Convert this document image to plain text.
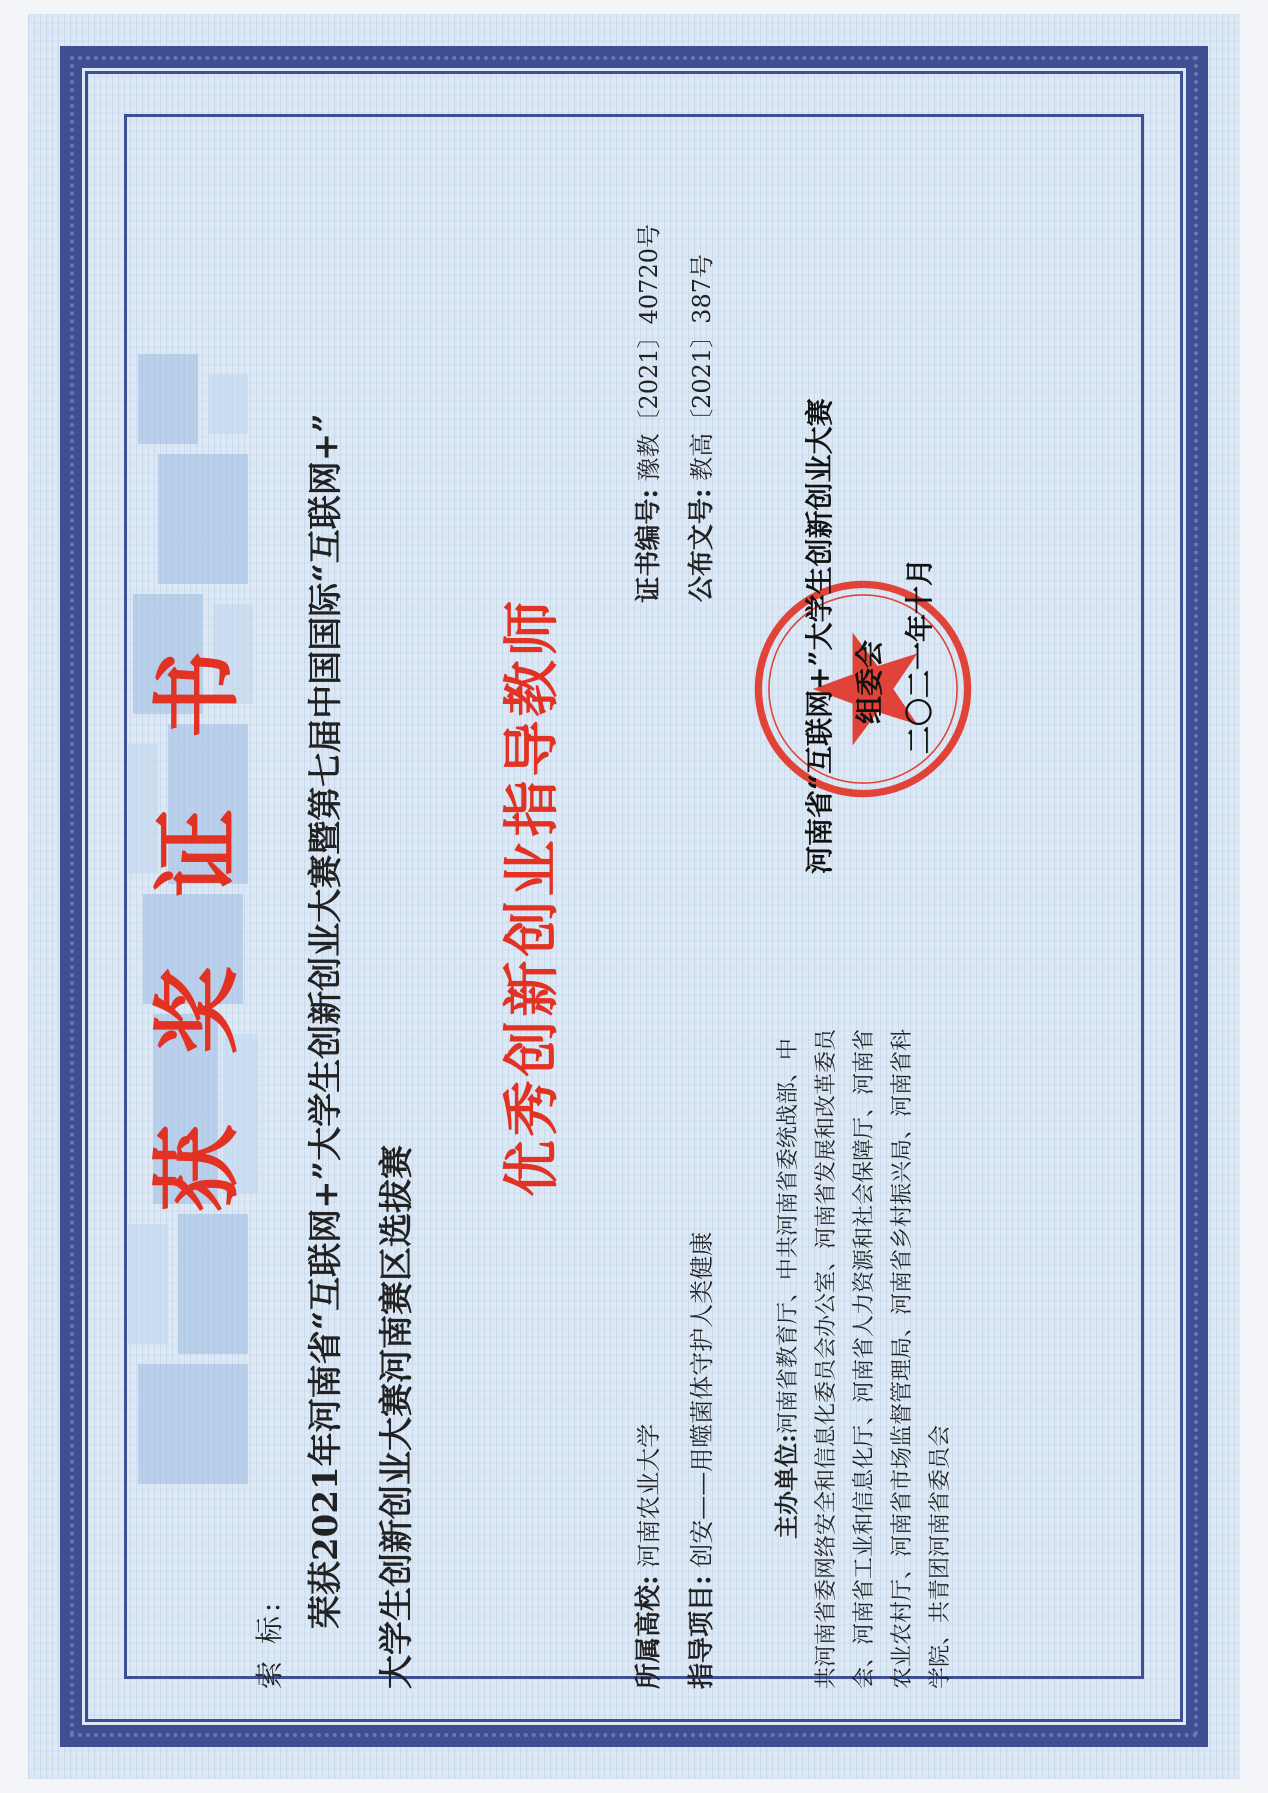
获奖证书
索 标:
荣获2021年河南省“互联网+”大学生创新创业大赛暨第七届中国国际“互联网+” 大学生创新创业大赛河南赛区选拔赛
优秀创新创业指导教师
所属高校: 河南农业大学
证书编号: 豫教〔2021〕40720号
指导项目: 创安——用噬菌体守护人类健康
公布文号: 教高〔2021〕387号
主办单位:河南省教育厅、中共河南省委统战部、中共河南省委网络安全和信息化委员会办公室、河南省发展和改革委员会、河南省工业和信息化厅、河南省人力资源和社会保障厅、河南省农业农村厅、河南省市场监督管理局、河南省乡村振兴局、河南省科学院、共青团河南省委员会
河南省“互联网+”大学生创新创业大赛 组委会 二〇二一年十月
